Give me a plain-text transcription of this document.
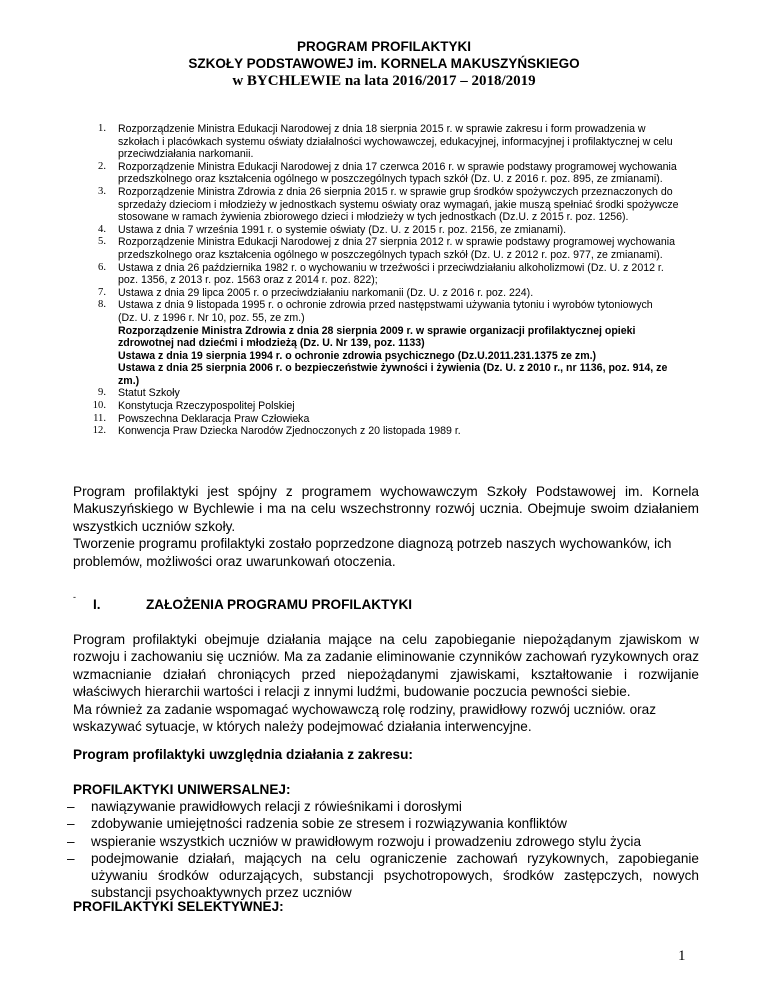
PROGRAM PROFILAKTYKI
SZKOŁY PODSTAWOWEJ im. KORNELA MAKUSZYŃSKIEGO
w BYCHLEWIE na lata 2016/2017 – 2018/2019
1. Rozporządzenie Ministra Edukacji Narodowej z dnia 18 sierpnia 2015 r. w sprawie zakresu i form prowadzenia w szkołach i placówkach systemu oświaty działalności wychowawczej, edukacyjnej, informacyjnej i profilaktycznej w celu przeciwdziałania narkomanii.
2. Rozporządzenie Ministra Edukacji Narodowej z dnia 17 czerwca 2016 r. w sprawie podstawy programowej wychowania przedszkolnego oraz kształcenia ogólnego w poszczególnych typach szkół (Dz. U. z 2016 r. poz. 895, ze zmianami).
3. Rozporządzenie Ministra Zdrowia z dnia 26 sierpnia 2015 r. w sprawie grup środków spożywczych przeznaczonych do sprzedaży dzieciom i młodzieży w jednostkach systemu oświaty oraz wymagań, jakie muszą spełniać środki spożywcze stosowane w ramach żywienia zbiorowego dzieci i młodzieży w tych jednostkach (Dz.U. z 2015 r. poz. 1256).
4. Ustawa z dnia 7 września 1991 r. o systemie oświaty (Dz. U. z 2015 r. poz. 2156, ze zmianami).
5. Rozporządzenie Ministra Edukacji Narodowej z dnia 27 sierpnia 2012 r. w sprawie podstawy programowej wychowania przedszkolnego oraz kształcenia ogólnego w poszczególnych typach szkół (Dz. U. z 2012 r. poz. 977, ze zmianami).
6. Ustawa z dnia 26 października 1982 r. o wychowaniu w trzeźwości i przeciwdziałaniu alkoholizmowi (Dz. U. z 2012 r. poz. 1356, z 2013 r. poz. 1563 oraz z 2014 r. poz. 822);
7. Ustawa z dnia 29 lipca 2005 r. o przeciwdziałaniu narkomanii (Dz. U. z 2016 r. poz. 224).
8. Ustawa z dnia 9 listopada 1995 r. o ochronie zdrowia przed następstwami używania tytoniu i wyrobów tytoniowych
(Dz. U. z 1996 r. Nr 10, poz. 55, ze zm.)
Rozporządzenie Ministra Zdrowia z dnia 28 sierpnia 2009 r. w sprawie organizacji profilaktycznej opieki zdrowotnej nad dziećmi i młodzieżą (Dz. U. Nr 139, poz. 1133)
Ustawa z dnia 19 sierpnia 1994 r. o ochronie zdrowia psychicznego (Dz.U.2011.231.1375 ze zm.)
Ustawa z dnia 25 sierpnia 2006 r. o bezpieczeństwie żywności i żywienia (Dz. U. z 2010 r., nr 1136, poz. 914, ze zm.)
9. Statut Szkoły
10. Konstytucja Rzeczypospolitej Polskiej
11. Powszechna Deklaracja Praw Człowieka
12. Konwencja Praw Dziecka Narodów Zjednoczonych z 20 listopada 1989 r.
Program profilaktyki jest spójny z programem wychowawczym Szkoły Podstawowej im. Kornela Makuszyńskiego w Bychlewie i ma na celu wszechstronny rozwój ucznia. Obejmuje swoim działaniem wszystkich uczniów szkoły.
Tworzenie programu profilaktyki zostało poprzedzone diagnozą potrzeb naszych wychowanków, ich problemów, możliwości oraz uwarunkowań otoczenia.
- I.	ZAŁOŻENIA PROGRAMU PROFILAKTYKI
Program profilaktyki obejmuje działania mające na celu zapobieganie niepożądanym zjawiskom w rozwoju i zachowaniu się uczniów. Ma za zadanie eliminowanie czynników zachowań ryzykownych oraz wzmacnianie działań chroniących przed niepożądanymi zjawiskami, kształtowanie i rozwijanie właściwych hierarchii wartości i relacji z innymi ludźmi, budowanie poczucia pewności siebie.
Ma również za zadanie wspomagać wychowawczą rolę rodziny, prawidłowy rozwój uczniów. oraz wskazywać sytuacje, w których należy podejmować działania interwencyjne.
Program profilaktyki uwzględnia działania z zakresu:
PROFILAKTYKI UNIWERSALNEJ:
– nawiązywanie prawidłowych relacji z rówieśnikami i dorosłymi
– zdobywanie umiejętności radzenia sobie ze stresem i rozwiązywania konfliktów
– wspieranie wszystkich uczniów w prawidłowym rozwoju i prowadzeniu zdrowego stylu życia
– podejmowanie działań, mających na celu ograniczenie zachowań ryzykownych, zapobieganie używaniu środków odurzających, substancji psychotropowych, środków zastępczych, nowych substancji psychoaktywnych przez uczniów
PROFILAKTYKI SELEKTYWNEJ:
1
